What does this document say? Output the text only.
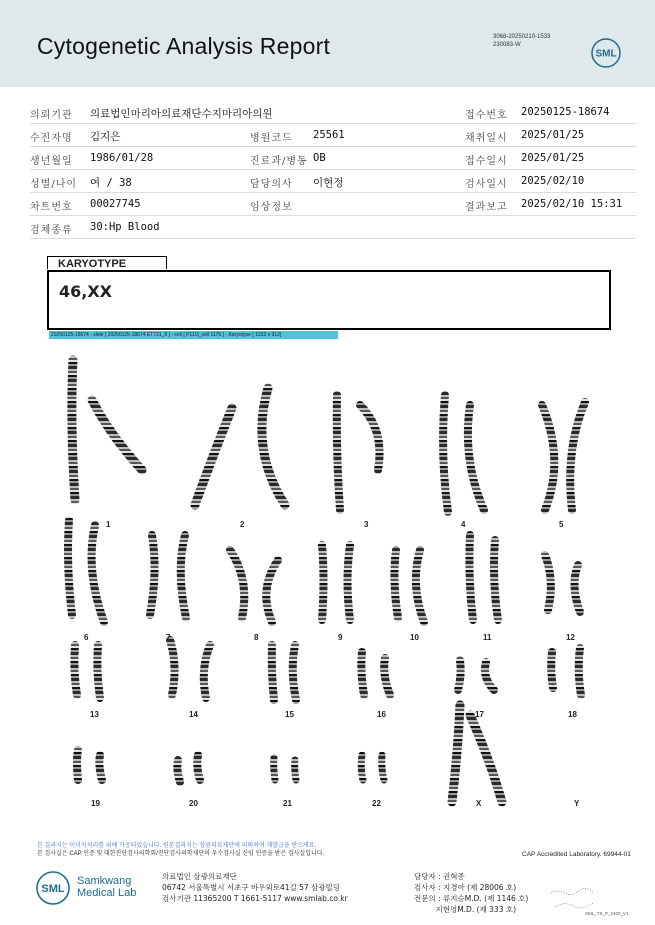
Cytogenetic Analysis Report	3068-20250210-1533
230083-W
SML
의뢰기관 의료법인마리아의료재단수지마리아의원	접수번호 20250125-18674
수진자명 김지은	병원코드 25561	채취일시 2025/01/25
생년월일 1986/01/28	진료과/병동 OB	접수일시 2025/01/25
성별/나이 여 / 38	담당의사 이현정	검사일시 2025/02/10
차트번호 00027745	임상정보	결과보고 2025/02/10 15:31
검체종류 30:Hp Blood
KARYOTYPE
46,XX
20250125-18674 - slide [ 20250125-18674 ET721_8 ] - cell [ P11/3_cell 1176 ] - Karyotype [ 1232 x 912]
1	2	3	4	5
6	7	8	9	10	11	12
13	14	15	16	17	18
19	20	21	22	X	Y
본 결과지는 이미지처리를 위해 가공되었습니다. 원본결과지는 삼광의료재단에 의뢰하여 재발급을 받으세요.
본 검사실은 CAP 인증 및 대한진단검사의학회/진단검사의학재단의 우수검사실 신임 인증을 받은 검사실입니다.	CAP Accredited Laboratory. 69944-01
SML
Samkwang
Medical Lab
의료법인 삼광의료재단
06742 서울특별시 서초구 바우뫼로41길 57 삼광빌딩
검사기관 11365200 T 1661-5117 www.smlab.co.kr
담당자 : 권혁종
검사자 : 지경아 (제 28006 호)
전문의 : 류지승M.D. (제 1146 호)
지현영M.D. (제 333 호)	SML_TS_P_2400_V1
